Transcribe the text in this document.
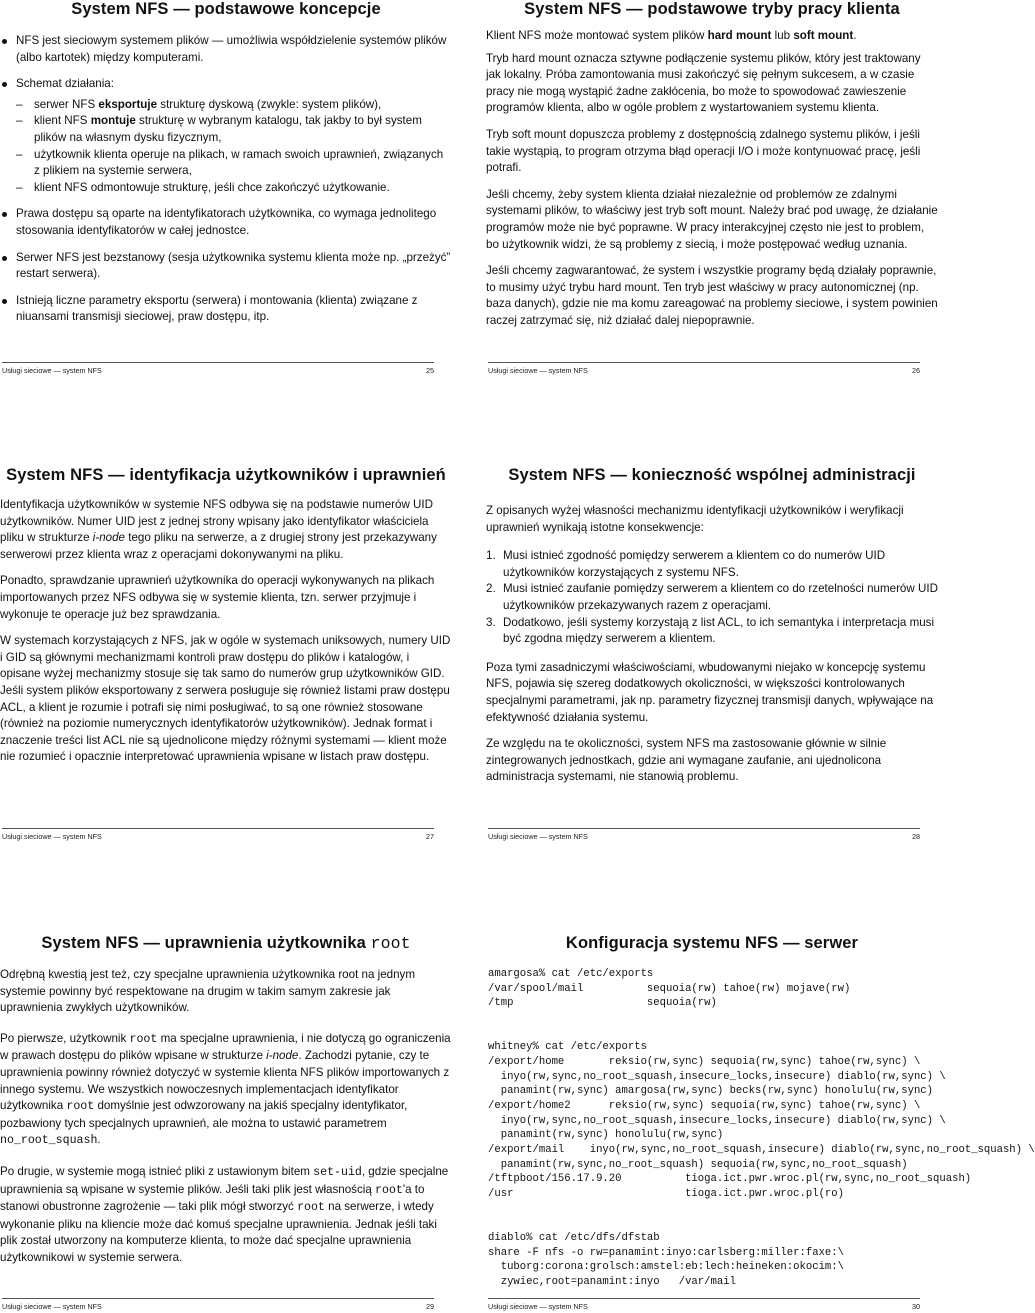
System NFS — podstawowe koncepcje
NFS jest sieciowym systemem plików — umożliwia współdzielenie systemów plików (albo kartotek) między komputerami.
Schemat działania:
– serwer NFS eksportuje strukturę dyskową (zwykle: system plików),
– klient NFS montuje strukturę w wybranym katalogu, tak jakby to był system plików na własnym dysku fizycznym,
– użytkownik klienta operuje na plikach, w ramach swoich uprawnień, związanych z plikiem na systemie serwera,
– klient NFS odmontowuje strukturę, jeśli chce zakończyć użytkowanie.
Prawa dostępu są oparte na identyfikatorach użytkownika, co wymaga jednolitego stosowania identyfikatorów w całej jednostce.
Serwer NFS jest bezstanowy (sesja użytkownika systemu klienta może np. „przeżyć” restart serwera).
Istnieją liczne parametry eksportu (serwera) i montowania (klienta) związane z niuansami transmisji sieciowej, praw dostępu, itp.
Usługi sieciowe — system NFS	25
System NFS — podstawowe tryby pracy klienta

Klient NFS może montować system plików hard mount lub soft mount.

Tryb hard mount oznacza sztywne podłączenie systemu plików, który jest traktowany jak lokalny. Próba zamontowania musi zakończyć się pełnym sukcesem, a w czasie pracy nie mogą wystąpić żadne zakłócenia, bo może to spowodować zawieszenie programów klienta, albo w ogóle problem z wystartowaniem systemu klienta.

Tryb soft mount dopuszcza problemy z dostępnością zdalnego systemu plików, i jeśli takie wystąpią, to program otrzyma błąd operacji I/O i może kontynuować pracę, jeśli potrafi.

Jeśli chcemy, żeby system klienta działał niezależnie od problemów ze zdalnymi systemami plików, to właściwy jest tryb soft mount. Należy brać pod uwagę, że działanie programów może nie być poprawne. W pracy interakcyjnej często nie jest to problem, bo użytkownik widzi, że są problemy z siecią, i może postępować według uznania.

Jeśli chcemy zagwarantować, że system i wszystkie programy będą działały poprawnie, to musimy użyć trybu hard mount. Ten tryb jest właściwy w pracy autonomicznej (np. baza danych), gdzie nie ma komu zareagować na problemy sieciowe, i system powinien raczej zatrzymać się, niż działać dalej niepoprawnie.

Usługi sieciowe — system NFS	26
System NFS — identyfikacja użytkowników i uprawnień

Identyfikacja użytkowników w systemie NFS odbywa się na podstawie numerów UID użytkowników. Numer UID jest z jednej strony wpisany jako identyfikator właściciela pliku w strukturze i-node tego pliku na serwerze, a z drugiej strony jest przekazywany serwerowi przez klienta wraz z operacjami dokonywanymi na pliku.

Ponadto, sprawdzanie uprawnień użytkownika do operacji wykonywanych na plikach importowanych przez NFS odbywa się w systemie klienta, tzn. serwer przyjmuje i wykonuje te operacje już bez sprawdzania.

W systemach korzystających z NFS, jak w ogóle w systemach uniksowych, numery UID i GID są głównymi mechanizmami kontroli praw dostępu do plików i katalogów, i opisane wyżej mechanizmy stosuje się tak samo do numerów grup użytkowników GID. Jeśli system plików eksportowany z serwera posługuje się również listami praw dostępu ACL, a klient je rozumie i potrafi się nimi posługiwać, to są one również stosowane (również na poziomie numerycznych identyfikatorów użytkowników). Jednak format i znaczenie treści list ACL nie są ujednolicone między różnymi systemami — klient może nie rozumieć i opacznie interpretować uprawnienia wpisane w listach praw dostępu.

Usługi sieciowe — system NFS	27
System NFS — konieczność wspólnej administracji

Z opisanych wyżej własności mechanizmu identyfikacji użytkowników i weryfikacji uprawnień wynikają istotne konsekwencje:

1. Musi istnieć zgodność pomiędzy serwerem a klientem co do numerów UID użytkowników korzystających z systemu NFS.
2. Musi istnieć zaufanie pomiędzy serwerem a klientem co do rzetelności numerów UID użytkowników przekazywanych razem z operacjami.
3. Dodatkowo, jeśli systemy korzystają z list ACL, to ich semantyka i interpretacja musi być zgodna między serwerem a klientem.

Poza tymi zasadniczymi właściwościami, wbudowanymi niejako w koncepcję systemu NFS, pojawia się szereg dodatkowych okoliczności, w większości kontrolowanych specjalnymi parametrami, jak np. parametry fizycznej transmisji danych, wpływające na efektywność działania systemu.

Ze względu na te okoliczności, system NFS ma zastosowanie głównie w silnie zintegrowanych jednostkach, gdzie ani wymagane zaufanie, ani ujednolicona administracja systemami, nie stanowią problemu.

Usługi sieciowe — system NFS	28
System NFS — uprawnienia użytkownika root

Odrębną kwestią jest też, czy specjalne uprawnienia użytkownika root na jednym systemie powinny być respektowane na drugim w takim samym zakresie jak uprawnienia zwykłych użytkowników.

Po pierwsze, użytkownik root ma specjalne uprawnienia, i nie dotyczą go ograniczenia w prawach dostępu do plików wpisane w strukturze i-node. Zachodzi pytanie, czy te uprawnienia powinny również dotyczyć w systemie klienta NFS plików importowanych z innego systemu. We wszystkich nowoczesnych implementacjach identyfikator użytkownika root domyślnie jest odwzorowany na jakiś specjalny identyfikator, pozbawiony tych specjalnych uprawnień, ale można to ustawić parametrem no_root_squash.

Po drugie, w systemie mogą istnieć pliki z ustawionym bitem set-uid, gdzie specjalne uprawnienia są wpisane w systemie plików. Jeśli taki plik jest własnością root'a to stanowi obustronne zagrożenie — taki plik mógł stworzyć root na serwerze, i wtedy wykonanie pliku na kliencie może dać komuś specjalne uprawnienia. Jednak jeśli taki plik został utworzony na komputerze klienta, to może dać specjalne uprawnienia użytkownikowi w systemie serwera.

Usługi sieciowe — system NFS	29
Konfiguracja systemu NFS — serwer
amargosa% cat /etc/exports
/var/spool/mail          sequoia(rw) tahoe(rw) mojave(rw)
/tmp                     sequoia(rw)
whitney% cat /etc/exports
/export/home       reksio(rw,sync) sequoia(rw,sync) tahoe(rw,sync) \
inyo(rw,sync,no_root_squash,insecure_locks,insecure) diablo(rw,sync) \
panamint(rw,sync) amargosa(rw,sync) becks(rw,sync) honolulu(rw,sync)
/export/home2      reksio(rw,sync) sequoia(rw,sync) tahoe(rw,sync) \
inyo(rw,sync,no_root_squash,insecure_locks,insecure) diablo(rw,sync) \
panamint(rw,sync) honolulu(rw,sync)
/export/mail    inyo(rw,sync,no_root_squash,insecure) diablo(rw,sync,no_root_squash) \
panamint(rw,sync,no_root_squash) sequoia(rw,sync,no_root_squash)
/tftpboot/156.17.9.20          tioga.ict.pwr.wroc.pl(rw,sync,no_root_squash)
/usr                           tioga.ict.pwr.wroc.pl(ro)
diablo% cat /etc/dfs/dfstab
share -F nfs -o rw=panamint:inyo:carlsberg:miller:faxe:\
tuborg:corona:grolsch:amstel:eb:lech:heineken:okocim:\
zywiec,root=panamint:inyo   /var/mail
Usługi sieciowe — system NFS	30
